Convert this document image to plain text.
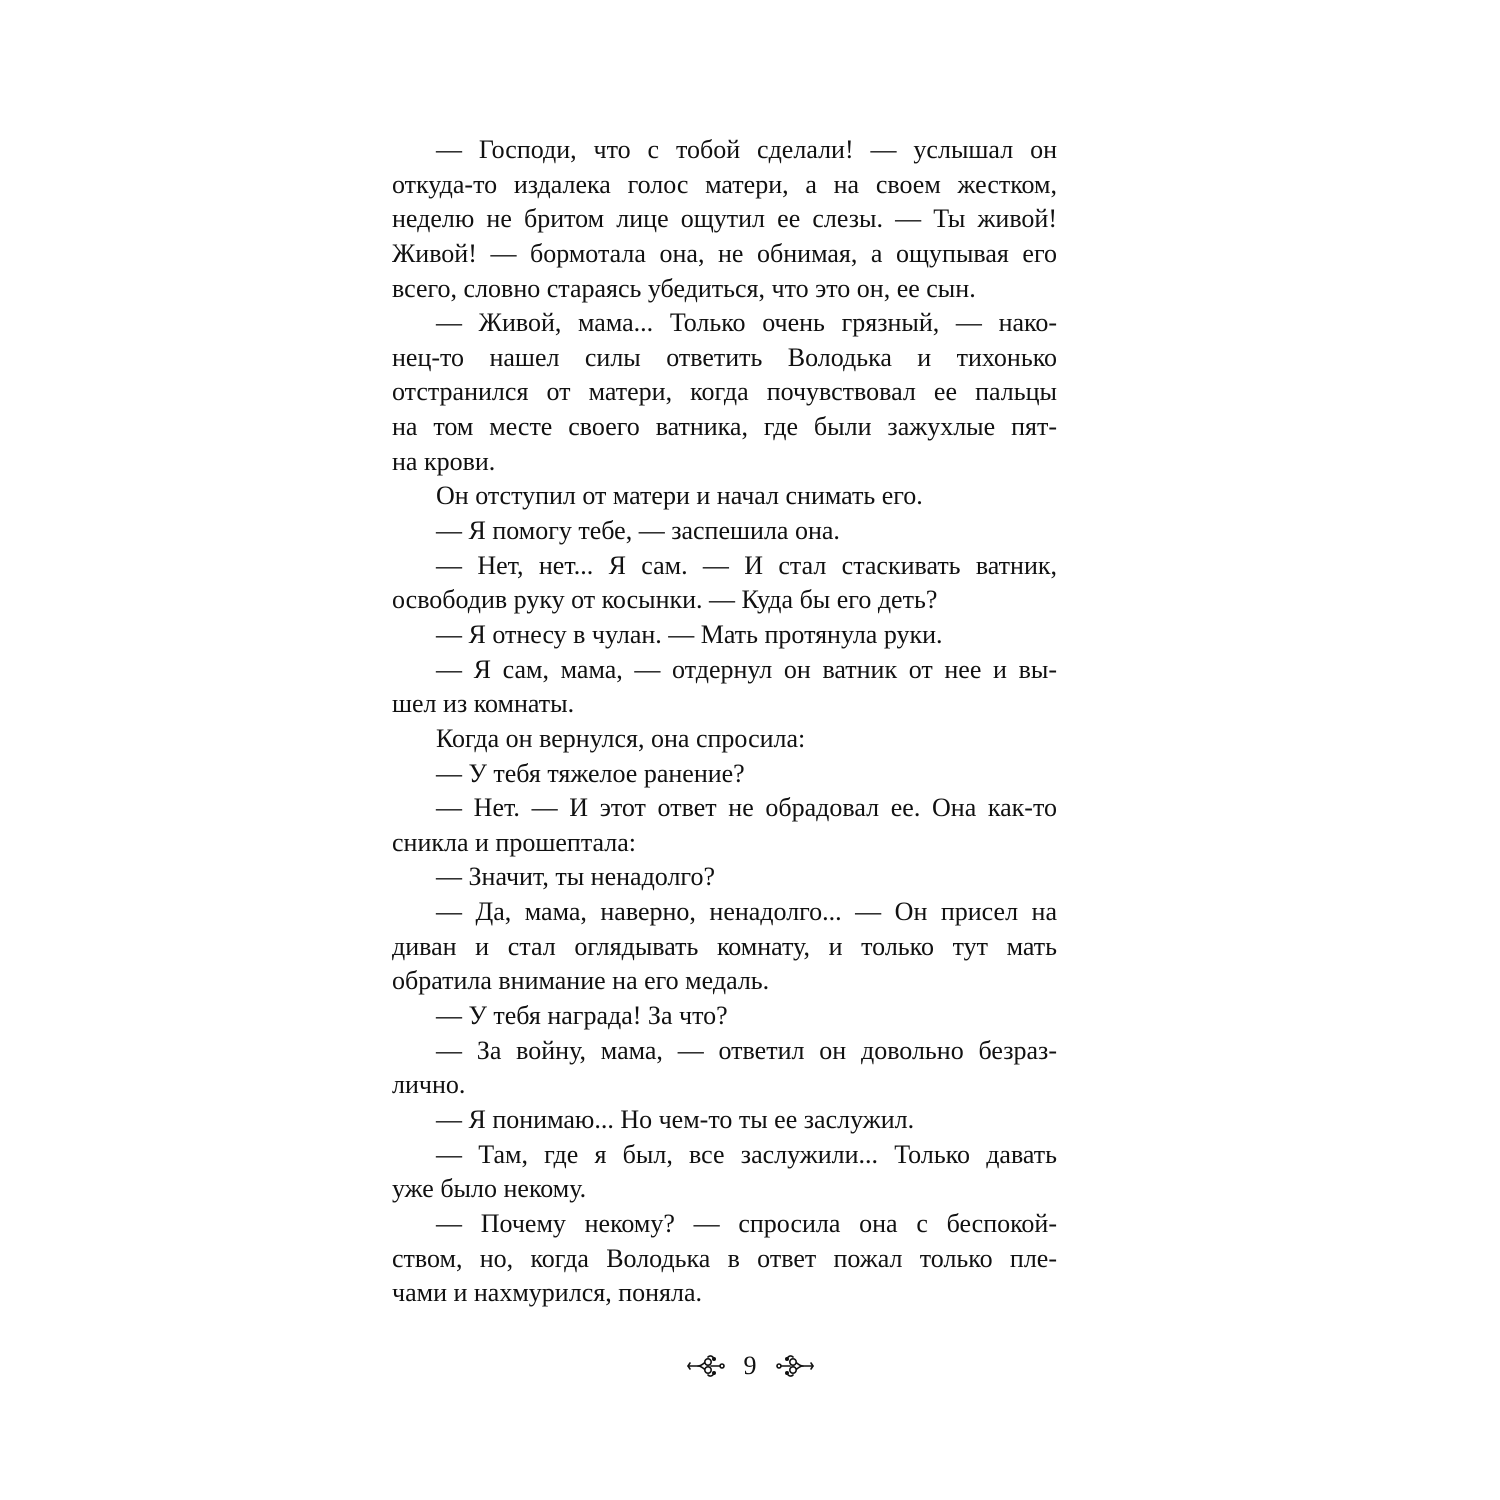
— Господи, что с тобой сделали! — услышал он
откуда-то издалека голос матери, а на своем жестком,
неделю не бритом лице ощутил ее слезы. — Ты живой!
Живой! — бормотала она, не обнимая, а ощупывая его
всего, словно стараясь убедиться, что это он, ее сын.
— Живой, мама... Только очень грязный, — нако-
нец-то нашел силы ответить Володька и тихонько
отстранился от матери, когда почувствовал ее пальцы
на том месте своего ватника, где были зажухлые пят-
на крови.
Он отступил от матери и начал снимать его.
— Я помогу тебе, — заспешила она.
— Нет, нет... Я сам. — И стал стаскивать ватник,
освободив руку от косынки. — Куда бы его деть?
— Я отнесу в чулан. — Мать протянула руки.
— Я сам, мама, — отдернул он ватник от нее и вы-
шел из комнаты.
Когда он вернулся, она спросила:
— У тебя тяжелое ранение?
— Нет. — И этот ответ не обрадовал ее. Она как-то
сникла и прошептала:
— Значит, ты ненадолго?
— Да, мама, наверно, ненадолго... — Он присел на
диван и стал оглядывать комнату, и только тут мать
обратила внимание на его медаль.
— У тебя награда! За что?
— За войну, мама, — ответил он довольно безраз-
лично.
— Я понимаю... Но чем-то ты ее заслужил.
— Там, где я был, все заслужили... Только давать
уже было некому.
— Почему некому? — спросила она с беспокой-
ством, но, когда Володька в ответ пожал только пле-
чами и нахмурился, поняла.
9
